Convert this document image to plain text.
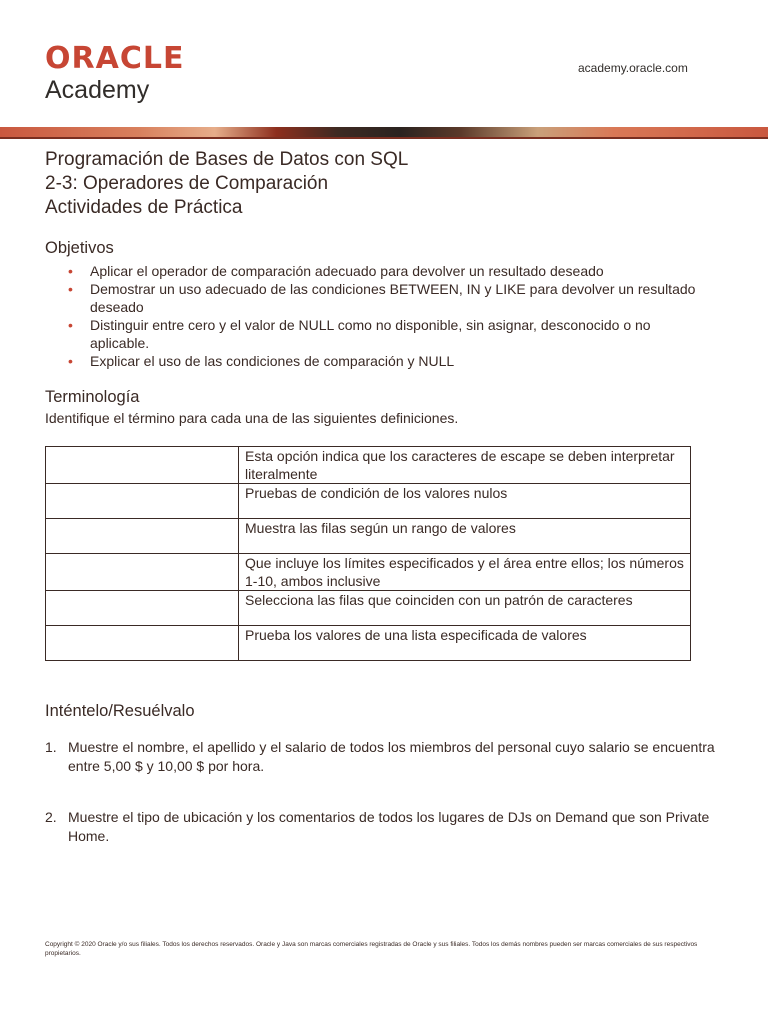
ORACLE
Academy
academy.oracle.com
Programación de Bases de Datos con SQL
2-3: Operadores de Comparación
Actividades de Práctica
Objetivos
• Aplicar el operador de comparación adecuado para devolver un resultado deseado
• Demostrar un uso adecuado de las condiciones BETWEEN, IN y LIKE para devolver un resultado deseado
• Distinguir entre cero y el valor de NULL como no disponible, sin asignar, desconocido o no aplicable.
• Explicar el uso de las condiciones de comparación y NULL
Terminología
Identifique el término para cada una de las siguientes definiciones.
	Esta opción indica que los caracteres de escape se deben interpretar literalmente
	Pruebas de condición de los valores nulos
	Muestra las filas según un rango de valores
	Que incluye los límites especificados y el área entre ellos; los números 1-10, ambos inclusive
	Selecciona las filas que coinciden con un patrón de caracteres
	Prueba los valores de una lista especificada de valores
Inténtelo/Resuélvalo
1. Muestre el nombre, el apellido y el salario de todos los miembros del personal cuyo salario se encuentra entre 5,00 $ y 10,00 $ por hora.
2. Muestre el tipo de ubicación y los comentarios de todos los lugares de DJs on Demand que son Private Home.
Copyright © 2020 Oracle y/o sus filiales. Todos los derechos reservados. Oracle y Java son marcas comerciales registradas de Oracle y sus filiales. Todos los demás nombres pueden ser marcas comerciales de sus respectivos propietarios.
